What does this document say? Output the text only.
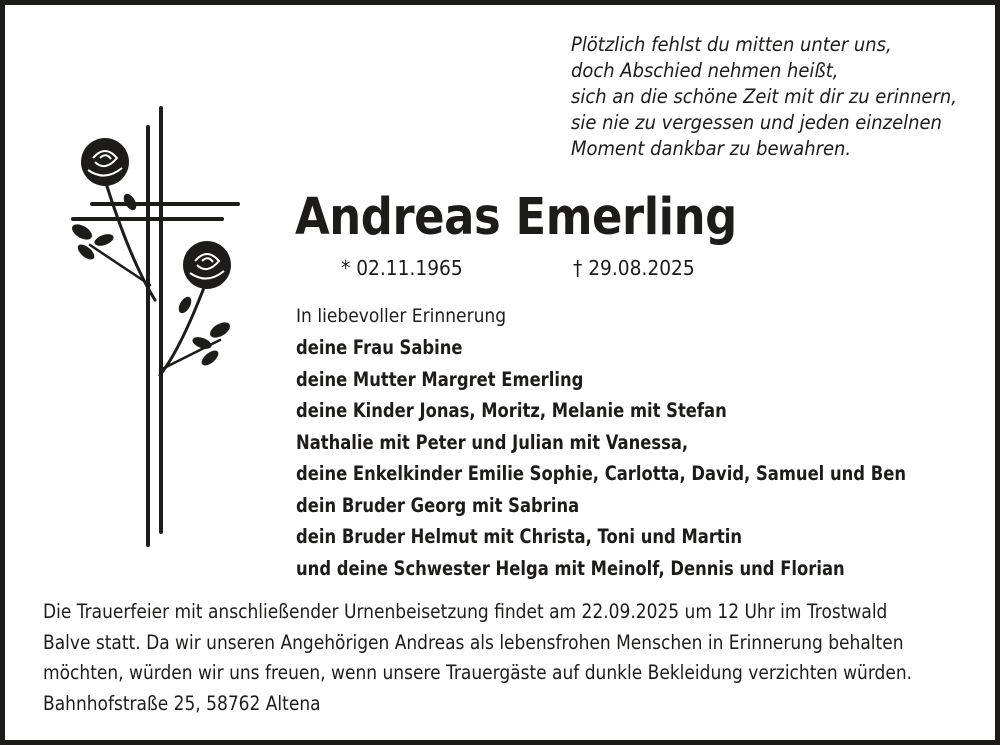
Plötzlich fehlst du mitten unter uns,
doch Abschied nehmen heißt,
sich an die schöne Zeit mit dir zu erinnern,
sie nie zu vergessen und jeden einzelnen
Moment dankbar zu bewahren.
Andreas Emerling
* 02.11.1965	† 29.08.2025
In liebevoller Erinnerung
deine Frau Sabine
deine Mutter Margret Emerling
deine Kinder Jonas, Moritz, Melanie mit Stefan
Nathalie mit Peter und Julian mit Vanessa,
deine Enkelkinder Emilie Sophie, Carlotta, David, Samuel und Ben
dein Bruder Georg mit Sabrina
dein Bruder Helmut mit Christa, Toni und Martin
und deine Schwester Helga mit Meinolf, Dennis und Florian
Die Trauerfeier mit anschließender Urnenbeisetzung findet am 22.09.2025 um 12 Uhr im Trostwald
Balve statt. Da wir unseren Angehörigen Andreas als lebensfrohen Menschen in Erinnerung behalten
möchten, würden wir uns freuen, wenn unsere Trauergäste auf dunkle Bekleidung verzichten würden.
Bahnhofstraße 25, 58762 Altena
